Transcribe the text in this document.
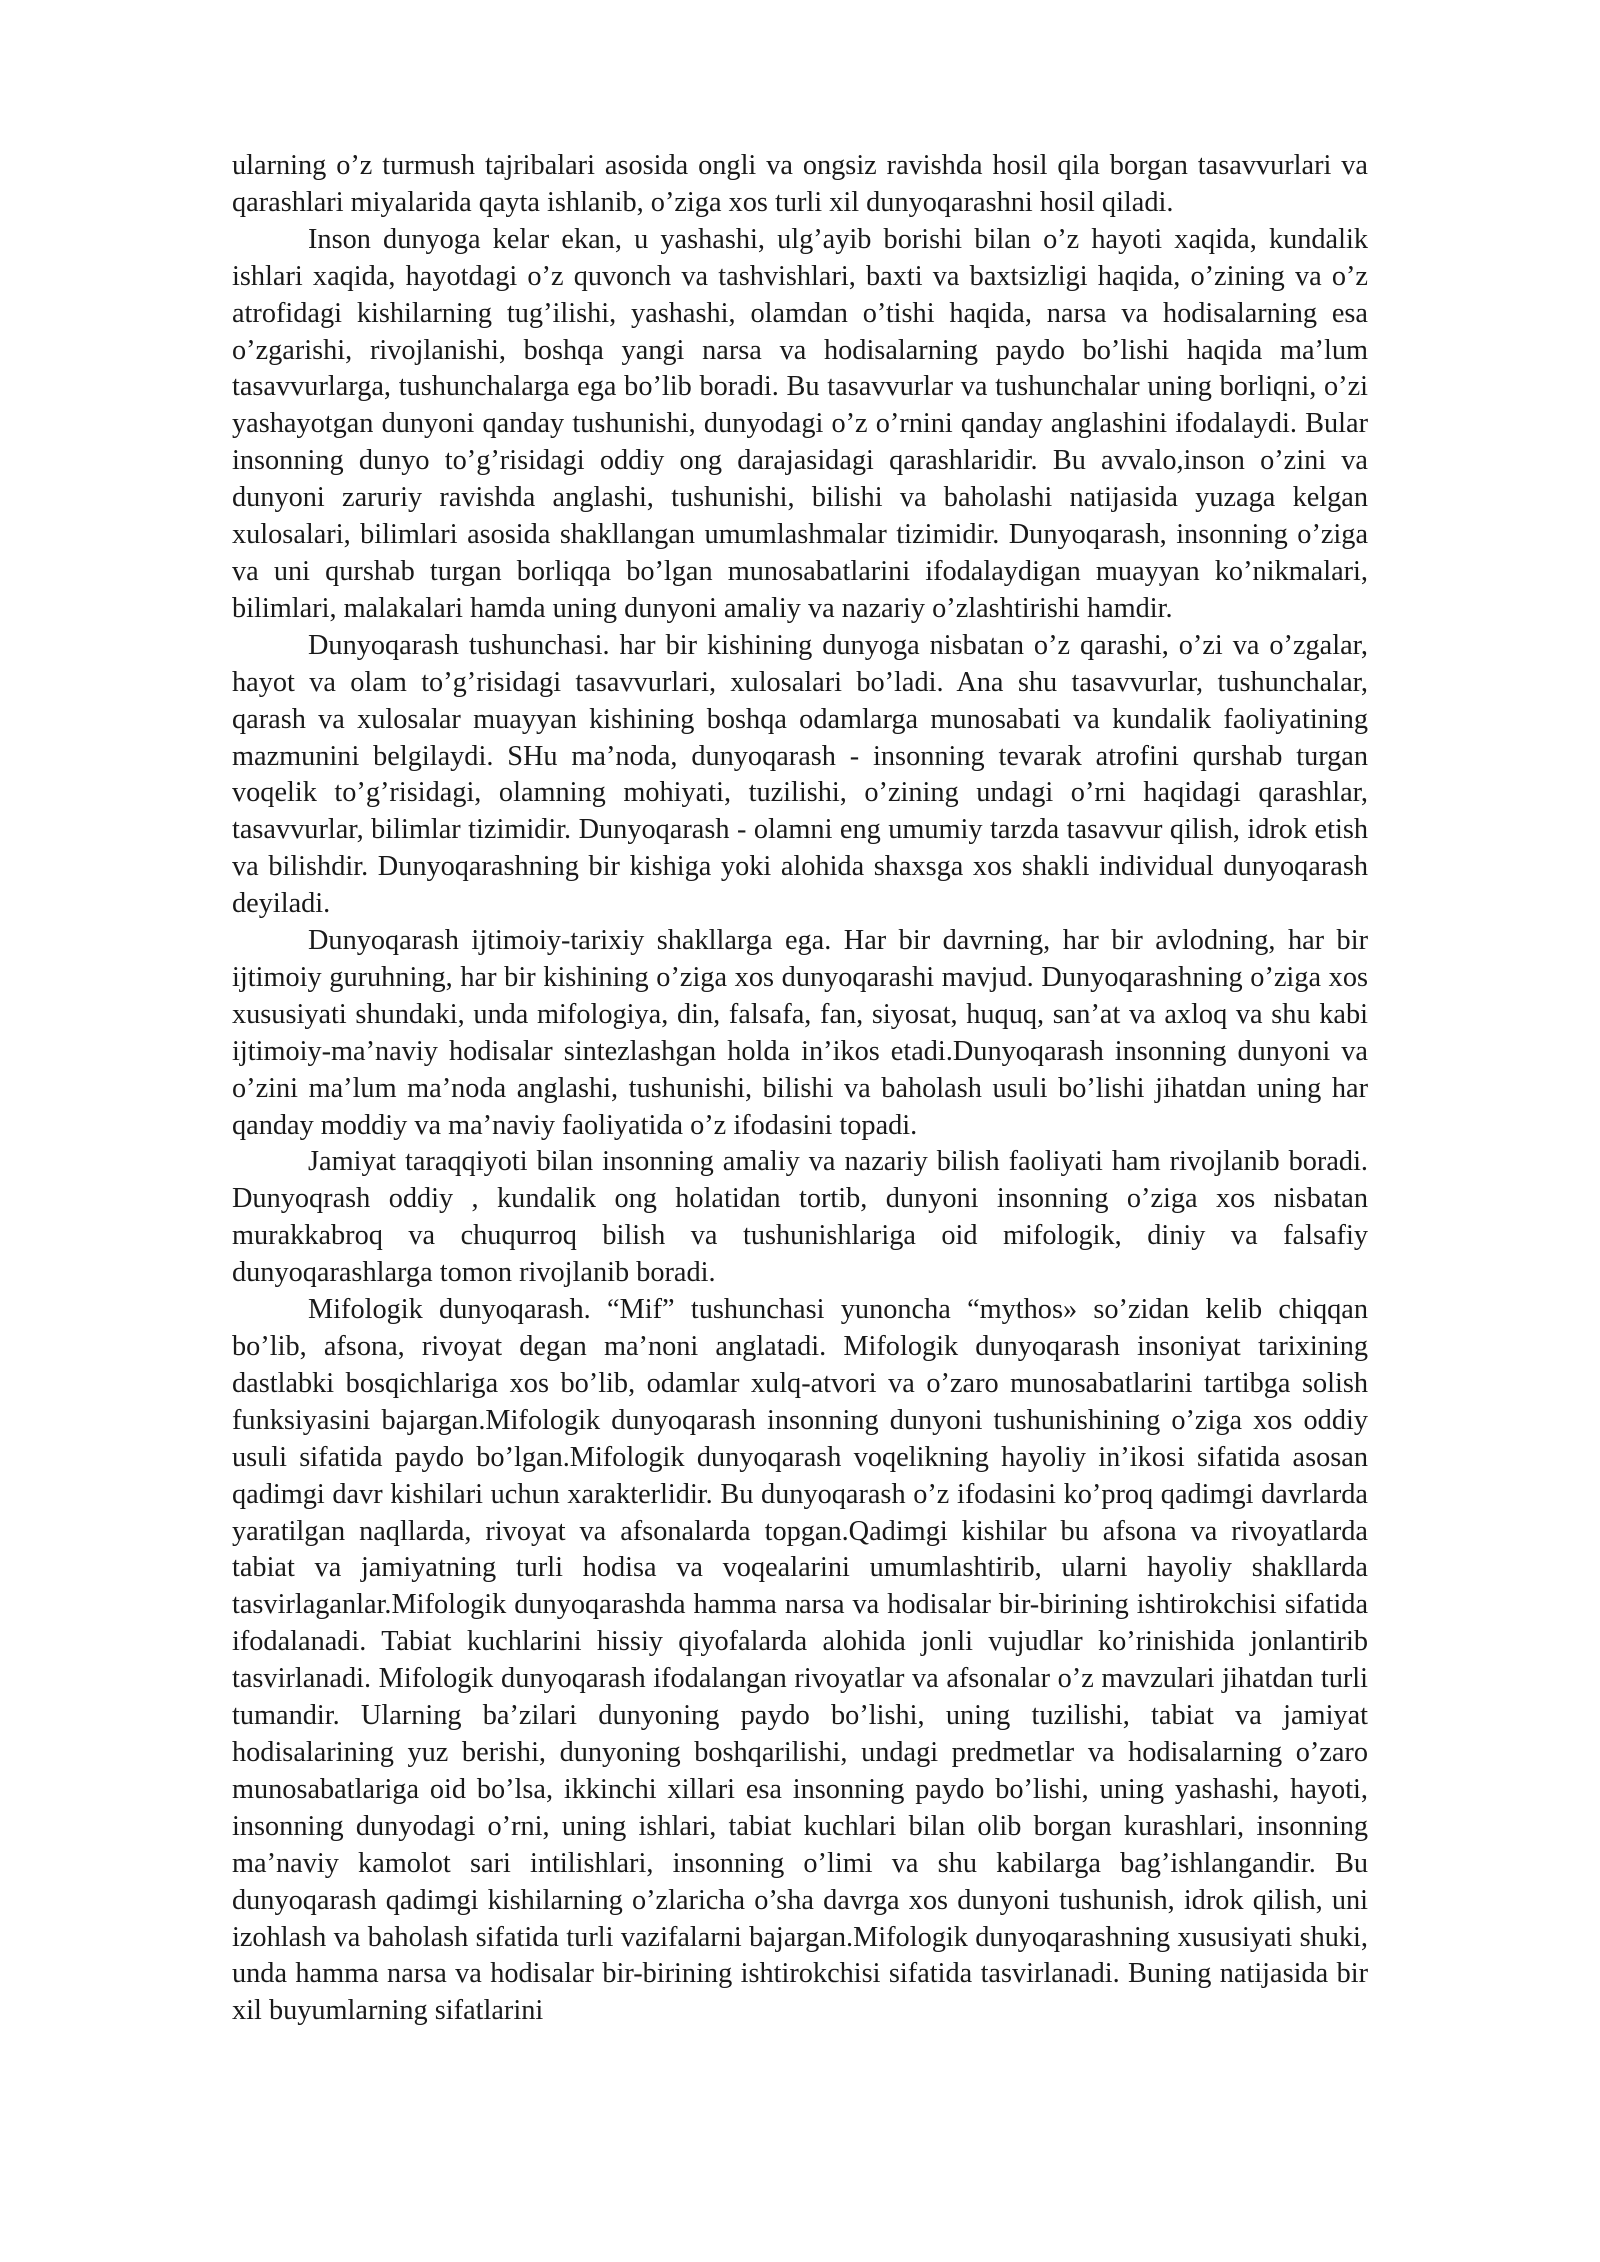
ularning o’z turmush tajribalari asosida ongli va ongsiz ravishda hosil qila borgan tasavvurlari va qarashlari miyalarida qayta ishlanib, o’ziga xos turli xil dunyoqarashni hosil qiladi.

Inson dunyoga kelar ekan, u yashashi, ulg’ayib borishi bilan o’z hayoti xaqida, kundalik ishlari xaqida, hayotdagi o’z quvonch va tashvishlari, baxti va baxtsizligi haqida, o’zining va o’z atrofidagi kishilarning tug’ilishi, yashashi, olamdan o’tishi haqida, narsa va hodisalarning esa o’zgarishi, rivojlanishi, boshqa yangi narsa va hodisalarning paydo bo’lishi haqida ma’lum tasavvurlarga, tushunchalarga ega bo’lib boradi. Bu tasavvurlar va tushunchalar uning borliqni, o’zi yashayotgan dunyoni qanday tushunishi, dunyodagi o’z o’rnini qanday anglashini ifodalaydi. Bular insonning dunyo to’g’risidagi oddiy ong darajasidagi qarashlaridir. Bu avvalo,inson o’zini va dunyoni zaruriy ravishda anglashi, tushunishi, bilishi va baholashi natijasida yuzaga kelgan xulosalari, bilimlari asosida shakllangan umumlashmalar tizimidir. Dunyoqarash, insonning o’ziga va uni qurshab turgan borliqqa bo’lgan munosabatlarini ifodalaydigan muayyan ko’nikmalari, bilimlari, malakalari hamda uning dunyoni amaliy va nazariy o’zlashtirishi hamdir.

Dunyoqarash tushunchasi. har bir kishining dunyoga nisbatan o’z qarashi, o’zi va o’zgalar, hayot va olam to’g’risidagi tasavvurlari, xulosalari bo’ladi. Ana shu tasavvurlar, tushunchalar, qarash va xulosalar muayyan kishining boshqa odamlarga munosabati va kundalik faoliyatining mazmunini belgilaydi. SHu ma’noda, dunyoqarash - insonning tevarak atrofini qurshab turgan voqelik to’g’risidagi, olamning mohiyati, tuzilishi, o’zining undagi o’rni haqidagi qarashlar, tasavvurlar, bilimlar tizimidir. Dunyoqarash - olamni eng umumiy tarzda tasavvur qilish, idrok etish va bilishdir. Dunyoqarashning bir kishiga yoki alohida shaxsga xos shakli individual dunyoqarash deyiladi.

Dunyoqarash ijtimoiy-tarixiy shakllarga ega. Har bir davrning, har bir avlodning, har bir ijtimoiy guruhning, har bir kishining o’ziga xos dunyoqarashi mavjud. Dunyoqarashning o’ziga xos xususiyati shundaki, unda mifologiya, din, falsafa, fan, siyosat, huquq, san’at va axloq va shu kabi ijtimoiy-ma’naviy hodisalar sintezlashgan holda in’ikos etadi.Dunyoqarash insonning dunyoni va o’zini ma’lum ma’noda anglashi, tushunishi, bilishi va baholash usuli bo’lishi jihatdan uning har qanday moddiy va ma’naviy faoliyatida o’z ifodasini topadi.

Jamiyat taraqqiyoti bilan insonning amaliy va nazariy bilish faoliyati ham rivojlanib boradi. Dunyoqrash oddiy , kundalik ong holatidan tortib, dunyoni insonning o’ziga xos nisbatan murakkabroq va chuqurroq bilish va tushunishlariga oid mifologik, diniy va falsafiy dunyoqarashlarga tomon rivojlanib boradi.

Mifologik dunyoqarash. “Mif” tushunchasi yunoncha “mythos» so’zidan kelib chiqqan bo’lib, afsona, rivoyat degan ma’noni anglatadi. Mifologik dunyoqarash insoniyat tarixining dastlabki bosqichlariga xos bo’lib, odamlar xulq-atvori va o’zaro munosabatlarini tartibga solish funksiyasini bajargan.Mifologik dunyoqarash insonning dunyoni tushunishining o’ziga xos oddiy usuli sifatida paydo bo’lgan.Mifologik dunyoqarash voqelikning hayoliy in’ikosi sifatida asosan qadimgi davr kishilari uchun xarakterlidir. Bu dunyoqarash o’z ifodasini ko’proq qadimgi davrlarda yaratilgan naqllarda, rivoyat va afsonalarda topgan.Qadimgi kishilar bu afsona va rivoyatlarda tabiat va jamiyatning turli hodisa va voqealarini umumlashtirib, ularni hayoliy shakllarda tasvirlaganlar.Mifologik dunyoqarashda hamma narsa va hodisalar bir-birining ishtirokchisi sifatida ifodalanadi. Tabiat kuchlarini hissiy qiyofalarda alohida jonli vujudlar ko’rinishida jonlantirib tasvirlanadi. Mifologik dunyoqarash ifodalangan rivoyatlar va afsonalar o’z mavzulari jihatdan turli tumandir. Ularning ba’zilari dunyoning paydo bo’lishi, uning tuzilishi, tabiat va jamiyat hodisalarining yuz berishi, dunyoning boshqarilishi, undagi predmetlar va hodisalarning o’zaro munosabatlariga oid bo’lsa, ikkinchi xillari esa insonning paydo bo’lishi, uning yashashi, hayoti, insonning dunyodagi o’rni, uning ishlari, tabiat kuchlari bilan olib borgan kurashlari, insonning ma’naviy kamolot sari intilishlari, insonning o’limi va shu kabilarga bag’ishlangandir. Bu dunyoqarash qadimgi kishilarning o’zlaricha o’sha davrga xos dunyoni tushunish, idrok qilish, uni izohlash va baholash sifatida turli vazifalarni bajargan.Mifologik dunyoqarashning xususiyati shuki, unda hamma narsa va hodisalar bir-birining ishtirokchisi sifatida tasvirlanadi. Buning natijasida bir xil buyumlarning sifatlarini
